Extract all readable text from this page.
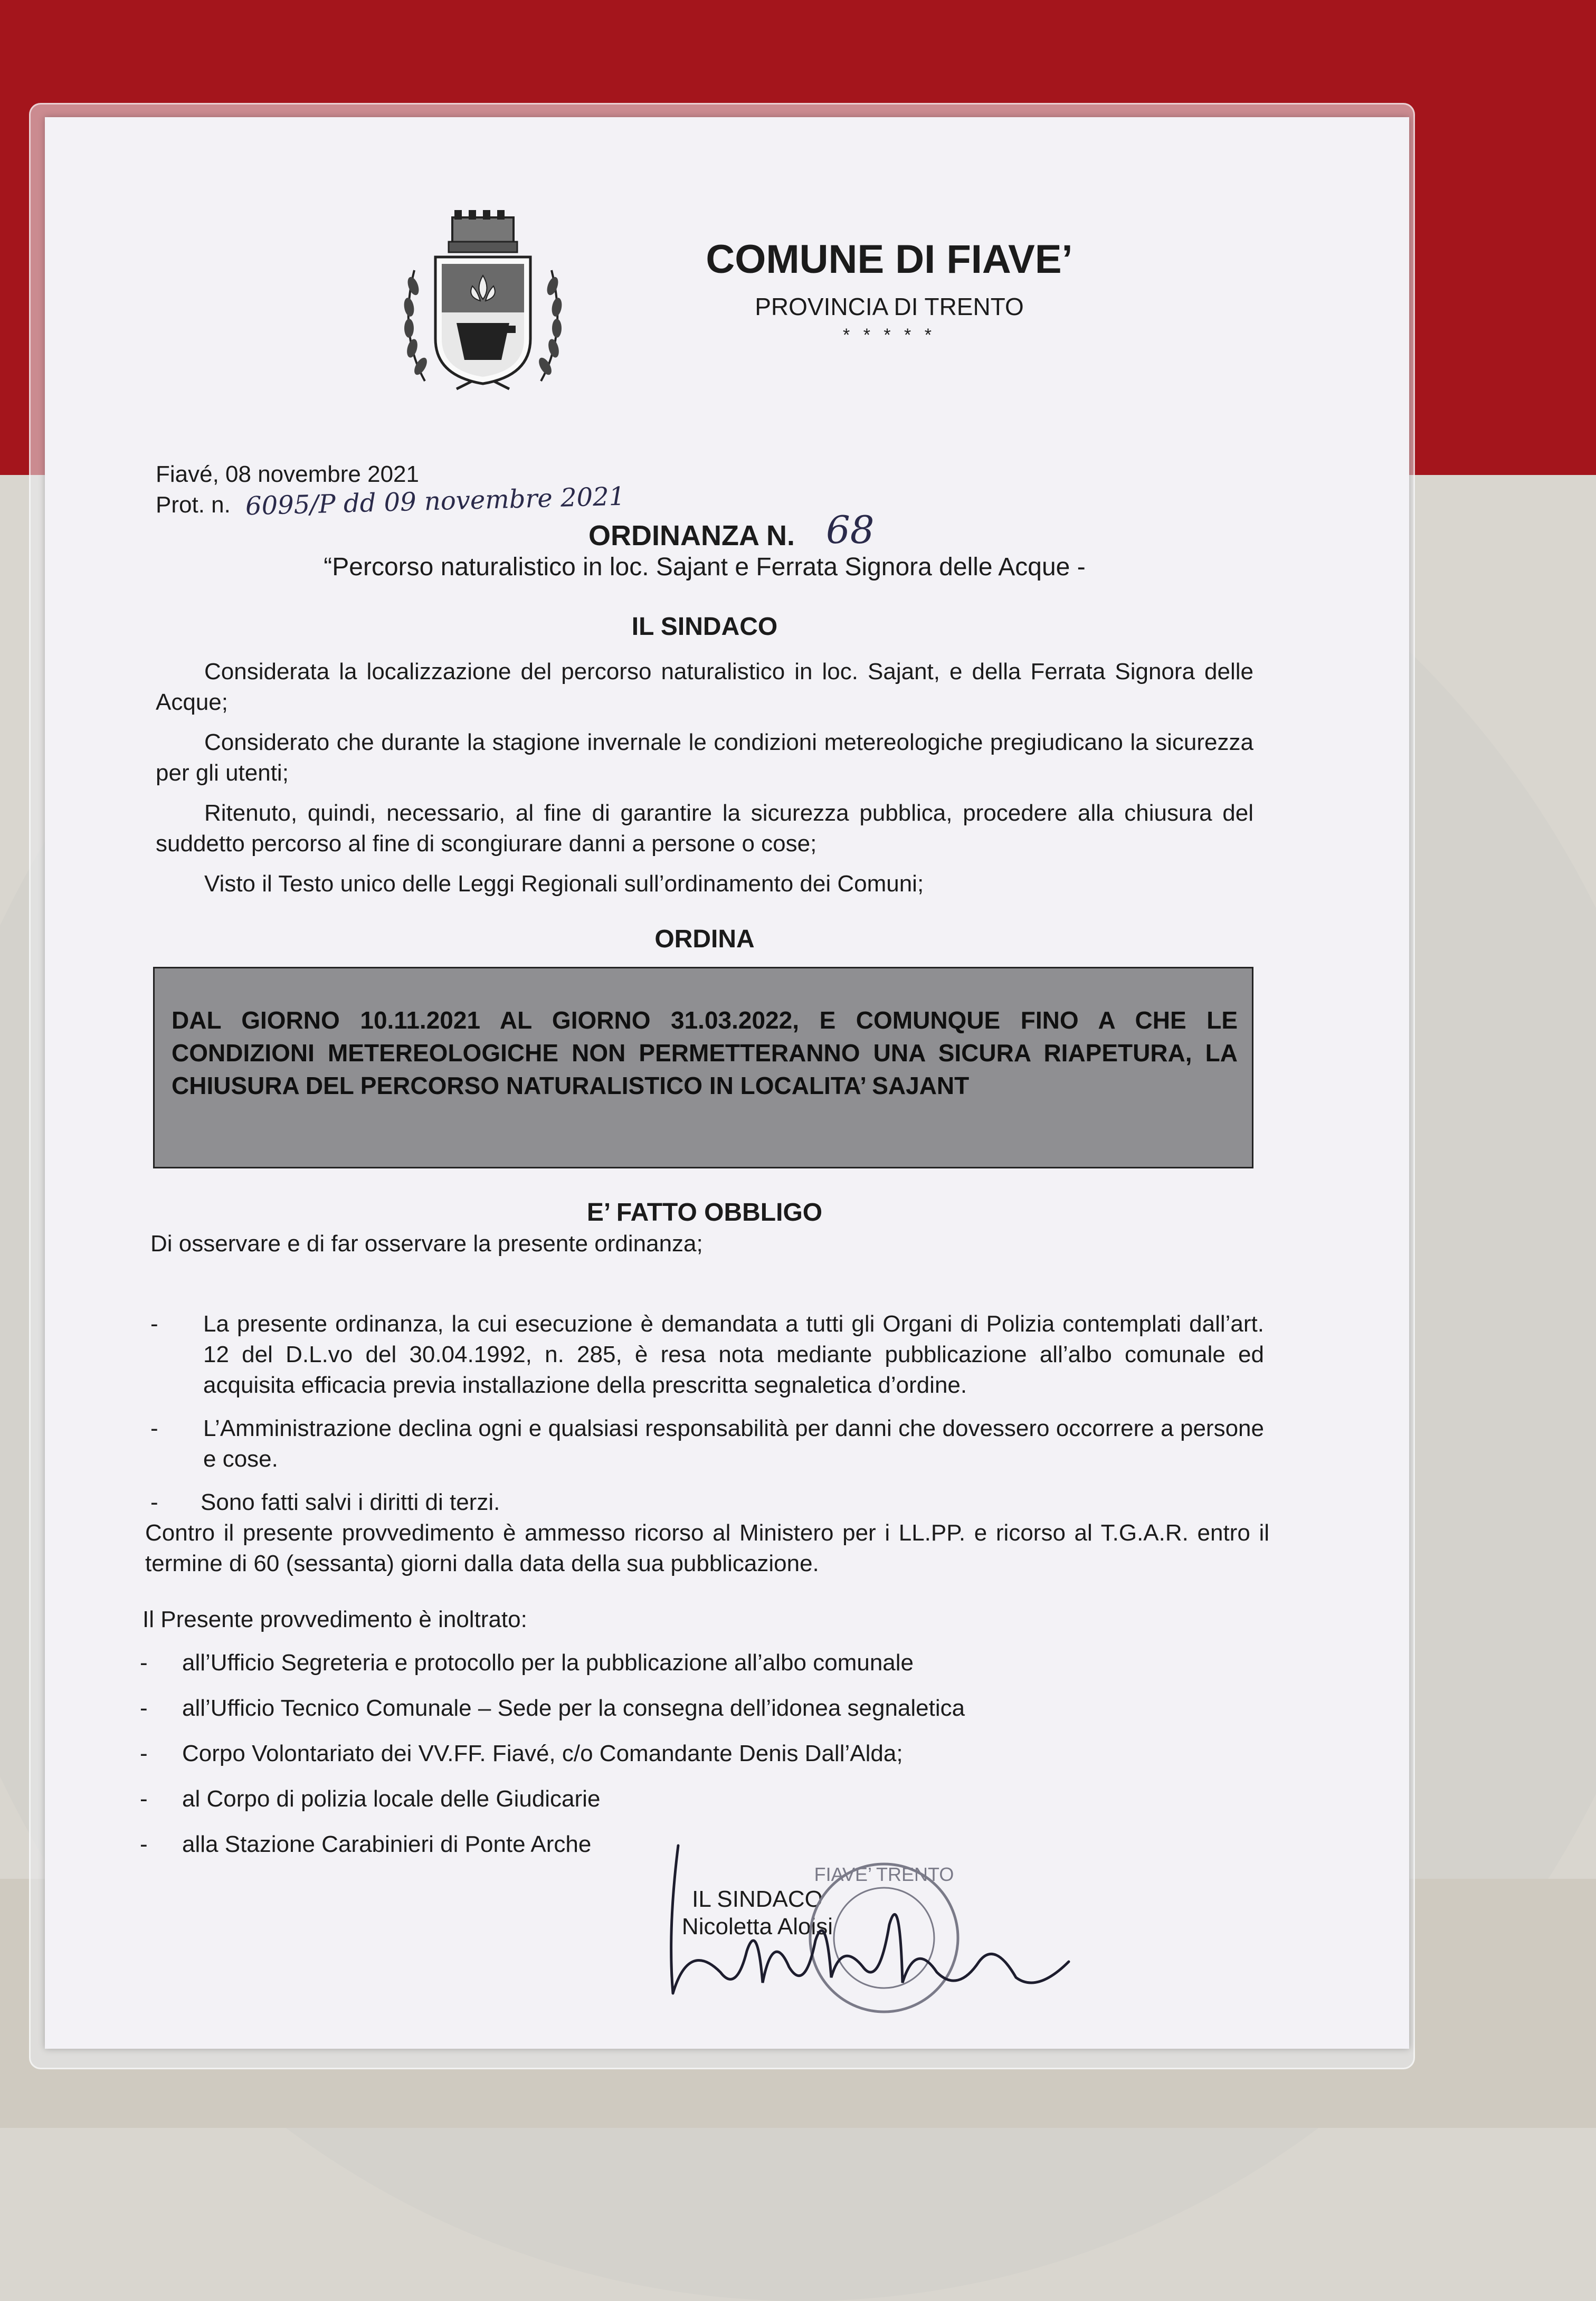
COMUNE DI FIAVE’
PROVINCIA DI TRENTO
* * * * *
Fiavé, 08 novembre 2021
Prot. n. 6095/P dd 09 novembre 2021
ORDINANZA N. 68
“Percorso naturalistico in loc. Sajant e Ferrata Signora delle Acque -
IL SINDACO
Considerata la localizzazione del percorso naturalistico in loc. Sajant, e della Ferrata Signora delle Acque;
Considerato che durante la stagione invernale le condizioni metereologiche pregiudicano la sicurezza per gli utenti;
Ritenuto, quindi, necessario, al fine di garantire la sicurezza pubblica, procedere alla chiusura del suddetto percorso al fine di scongiurare danni a persone o cose;
Visto il Testo unico delle Leggi Regionali sull’ordinamento dei Comuni;
ORDINA
DAL GIORNO 10.11.2021 AL GIORNO 31.03.2022, E COMUNQUE FINO A CHE LE CONDIZIONI METEREOLOGICHE NON PERMETTERANNO UNA SICURA RIAPETURA, LA CHIUSURA DEL PERCORSO NATURALISTICO IN LOCALITA’ SAJANT
E’ FATTO OBBLIGO
Di osservare e di far osservare la presente ordinanza;
- La presente ordinanza, la cui esecuzione è demandata a tutti gli Organi di Polizia contemplati dall’art. 12 del D.L.vo del 30.04.1992, n. 285, è resa nota mediante pubblicazione all’albo comunale ed acquisita efficacia previa installazione della prescritta segnaletica d’ordine.
- L’Amministrazione declina ogni e qualsiasi responsabilità per danni che dovessero occorrere a persone e cose.
- Sono fatti salvi i diritti di terzi.
Contro il presente provvedimento è ammesso ricorso al Ministero per i LL.PP. e ricorso al T.G.A.R. entro il termine di 60 (sessanta) giorni dalla data della sua pubblicazione.
Il Presente provvedimento è inoltrato:
- all’Ufficio Segreteria e protocollo per la pubblicazione all’albo comunale
- all’Ufficio Tecnico Comunale – Sede per la consegna dell’idonea segnaletica
- Corpo Volontariato dei VV.FF. Fiavé, c/o Comandante Denis Dall’Alda;
- al Corpo di polizia locale delle Giudicarie
- alla Stazione Carabinieri di Ponte Arche
IL SINDACO
Nicoletta Aloisi
FIAVE’ TRENTO
